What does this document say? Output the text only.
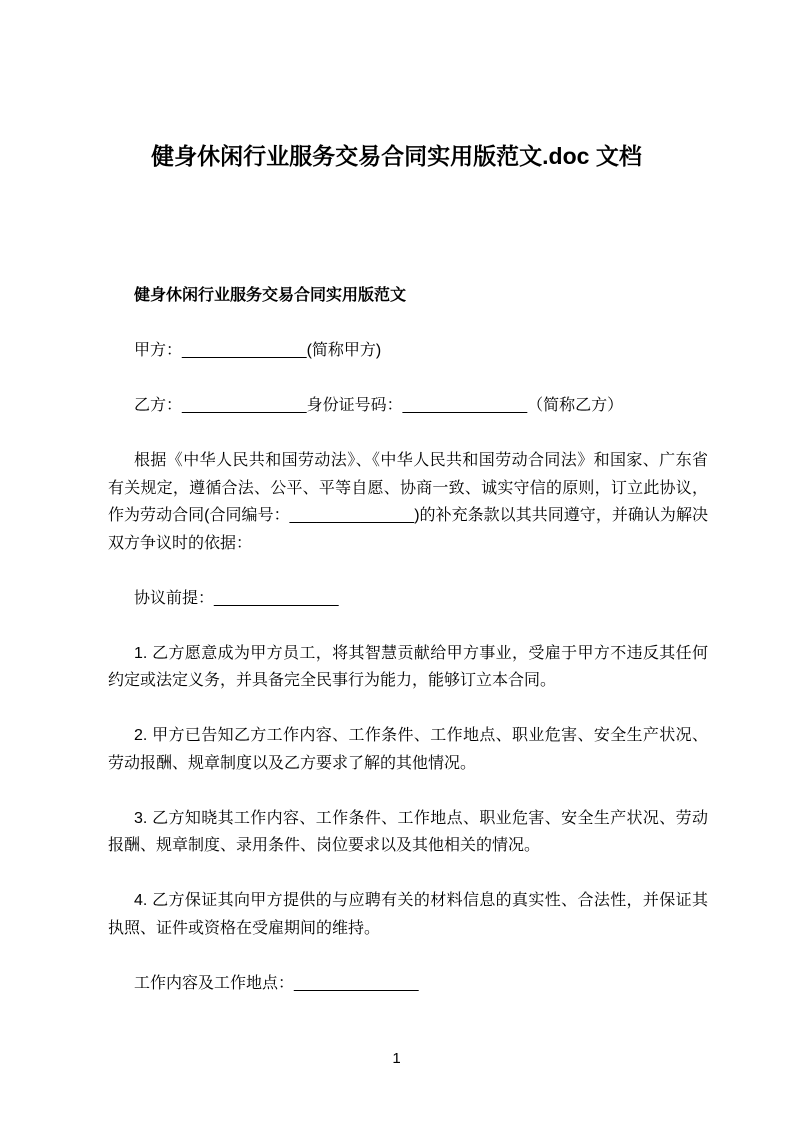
健身休闲行业服务交易合同实用版范文.doc 文档

健身休闲行业服务交易合同实用版范文

甲方：______________(简称甲方)

乙方：______________身份证号码：______________（简称乙方）

根据《中华人民共和国劳动法》、《中华人民共和国劳动合同法》和国家、广东省有关规定，遵循合法、公平、平等自愿、协商一致、诚实守信的原则，订立此协议，作为劳动合同(合同编号：______________)的补充条款以其共同遵守，并确认为解决双方争议时的依据：

协议前提：______________

1. 乙方愿意成为甲方员工，将其智慧贡献给甲方事业，受雇于甲方不违反其任何约定或法定义务，并具备完全民事行为能力，能够订立本合同。

2. 甲方已告知乙方工作内容、工作条件、工作地点、职业危害、安全生产状况、劳动报酬、规章制度以及乙方要求了解的其他情况。

3. 乙方知晓其工作内容、工作条件、工作地点、职业危害、安全生产状况、劳动报酬、规章制度、录用条件、岗位要求以及其他相关的情况。

4. 乙方保证其向甲方提供的与应聘有关的材料信息的真实性、合法性，并保证其执照、证件或资格在受雇期间的维持。

工作内容及工作地点：______________

1
